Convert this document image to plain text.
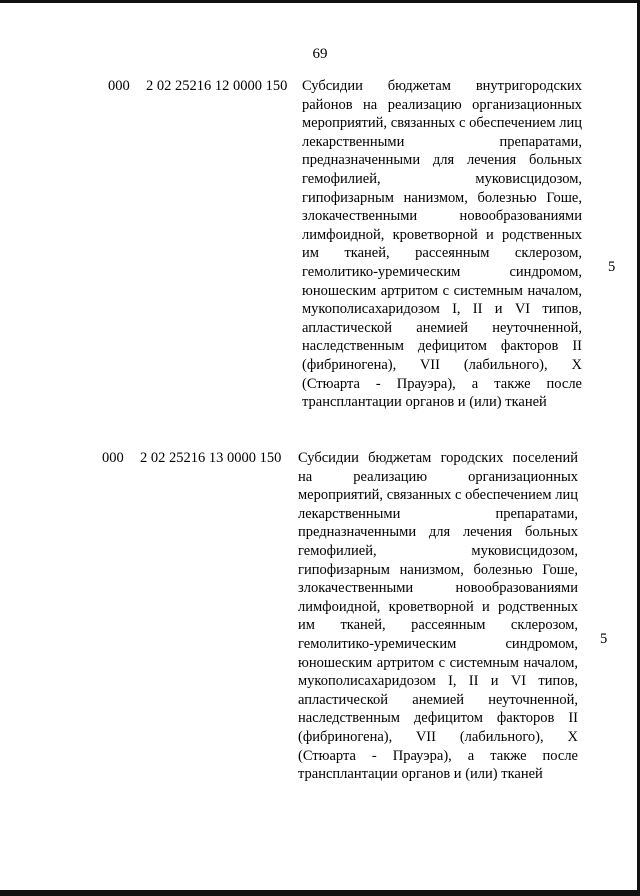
69
000 2 02 25216 12 0000 150 Субсидии бюджетам внутригородских районов на реализацию организационных мероприятий, связанных с обеспечением лиц лекарственными препаратами, предназначенными для лечения больных гемофилией, муковисцидозом, гипофизарным нанизмом, болезнью Гоше, злокачественными новообразованиями лимфоидной, кроветворной и родственных им тканей, рассеянным склерозом, гемолитико-уремическим синдромом, юношеским артритом с системным началом, мукополисахаридозом I, II и VI типов, апластической анемией неуточненной, наследственным дефицитом факторов II (фибриногена), VII (лабильного), X (Стюарта - Прауэра), а также после трансплантации органов и (или) тканей

5
000 2 02 25216 13 0000 150 Субсидии бюджетам городских поселений на реализацию организационных мероприятий, связанных с обеспечением лиц лекарственными препаратами, предназначенными для лечения больных гемофилией, муковисцидозом, гипофизарным нанизмом, болезнью Гоше, злокачественными новообразованиями лимфоидной, кроветворной и родственных им тканей, рассеянным склерозом, гемолитико-уремическим синдромом, юношеским артритом с системным началом, мукополисахаридозом I, II и VI типов, апластической анемией неуточненной, наследственным дефицитом факторов II (фибриногена), VII (лабильного), X (Стюарта - Прауэра), а также после трансплантации органов и (или) тканей

5
